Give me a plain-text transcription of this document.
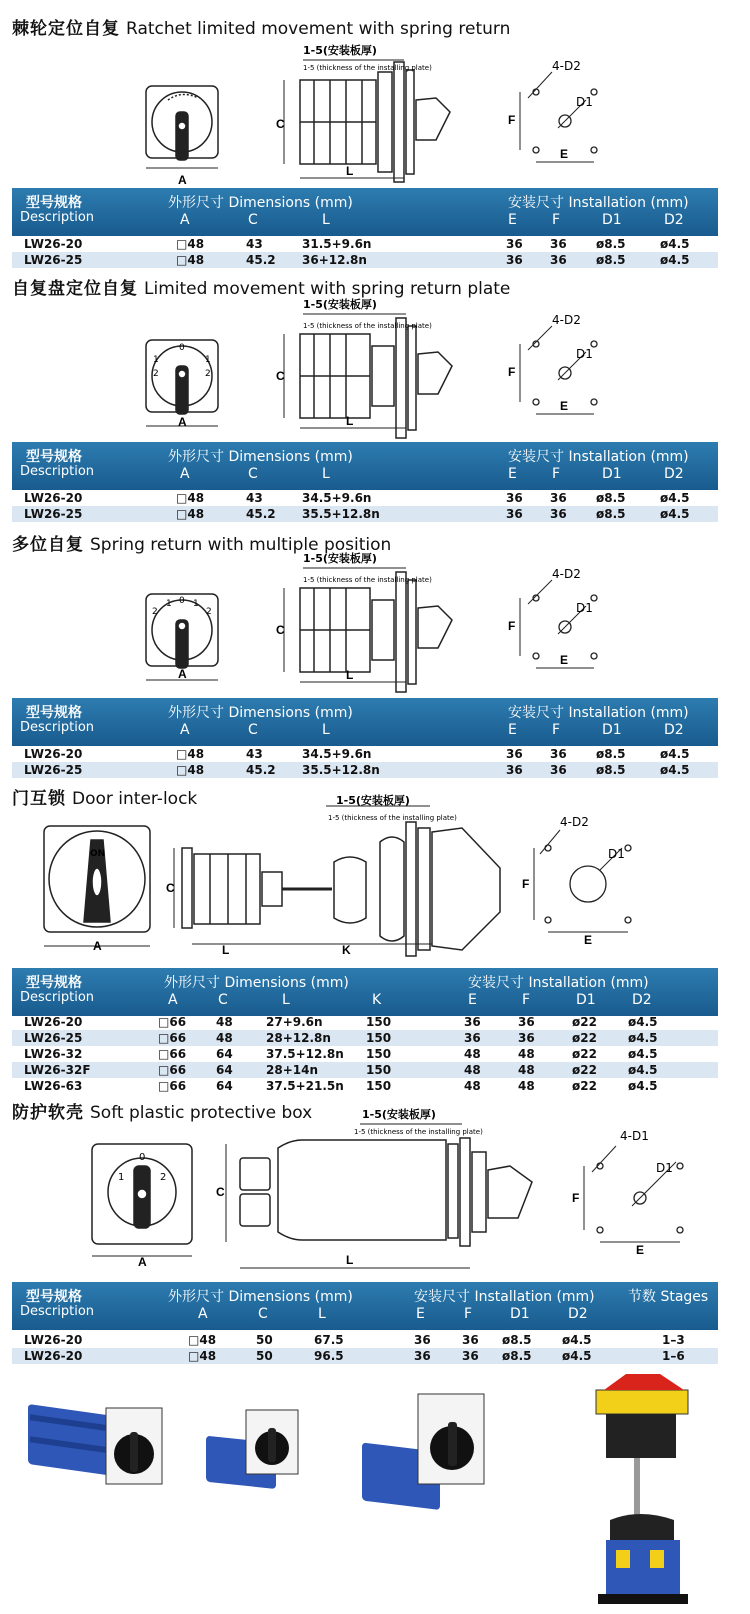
棘轮定位自复 Ratchet limited movement with spring return
A
C
L
1-5(安装板厚)
1-5 (thickness of the installing plate)	4-D2
D1
F
E
型号规格
Description
外形尺寸 Dimensions (mm)	安装尺寸 Installation (mm)
A	C	L	E	F	D1	D2
LW26-20	□48	43	31.5+9.6n	36 36 ø8.5	ø4.5
LW26-25	□48	45.2 36+12.8n	36 36 ø8.5	ø4.5
自复盘定位自复 Limited movement with spring return plate
1
0
1
2	2
A
C
L
1-5(安装板厚)
1-5 (thickness of the installing plate)	4-D2
D1
F
E
型号规格
Description
外形尺寸 Dimensions (mm)	安装尺寸 Installation (mm)
A	C	L	E	F	D1	D2
LW26-20	□48	43	34.5+9.6n	36 36 ø8.5	ø4.5
LW26-25	□48	45.2 35.5+12.8n	36 36 ø8.5	ø4.5
多位自复 Spring return with multiple position
2
1 0 1
2
A
C
L
1-5(安装板厚)
1-5 (thickness of the installing plate)	4-D2
D1
F
E
型号规格
Description
外形尺寸 Dimensions (mm)	安装尺寸 Installation (mm)
A	C	L	E	F	D1	D2
LW26-20	□48	43	34.5+9.6n	36 36 ø8.5	ø4.5
LW26-25	□48	45.2 35.5+12.8n	36 36 ø8.5	ø4.5
门互锁 Door inter-lock
ON
A
C
L	K
1-5(安装板厚)
1-5 (thickness of the installing plate)	4-D2
D1
F
E
型号规格
Description
外形尺寸 Dimensions (mm)	安装尺寸 Installation (mm)
A	C	L	K	E	F	D1	D2
LW26-20	□66 48	27+9.6n	150	36	36	ø22	ø4.5
LW26-25	□66 48	28+12.8n	150	36	36	ø22	ø4.5
LW26-32	□66 64	37.5+12.8n 150	48	48	ø22	ø4.5
LW26-32F	□66 64	28+14n	150	48	48	ø22	ø4.5
LW26-63	□66 64	37.5+21.5n 150	48	48	ø22	ø4.5
防护软壳 Soft plastic protective box
1
0
2
A
C
L
1-5(安装板厚)
1-5 (thickness of the installing plate)	4-D1
D1
F
E
型号规格
Description
外形尺寸 Dimensions (mm)	安装尺寸 Installation (mm) 节数 Stages
A	C	L	E	F	D1	D2
LW26-20	□48	50	67.5	36	36 ø8.5	ø4.5	1–3
LW26-20	□48	50	96.5	36	36 ø8.5	ø4.5	1–6
